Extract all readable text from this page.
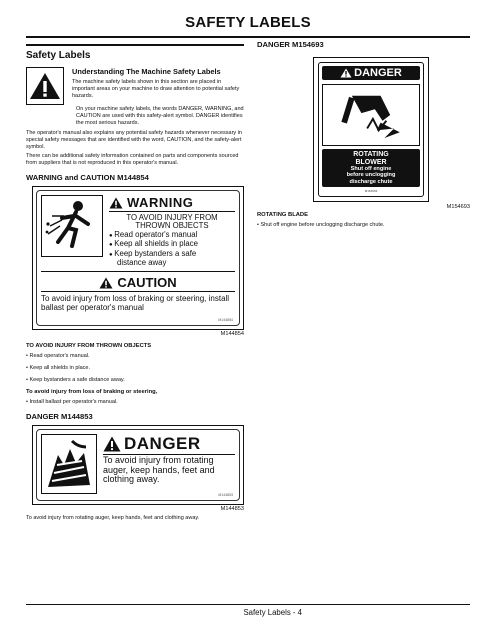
SAFETY LABELS
Safety Labels
Understanding The Machine Safety Labels

The machine safety labels shown in this section are placed in important areas on your machine to draw attention to potential safety hazards.

On your machine safety labels, the words DANGER, WARNING, and CAUTION are used with this safety-alert symbol. DANGER identifies the most serious hazards.

The operator's manual also explains any potential safety hazards whenever necessary in special safety messages that are identified with the word, CAUTION, and the safety-alert symbol.

There can be additional safety information contained on parts and components sourced from suppliers that is not reproduced in this operator's manual.

WARNING and CAUTION M144854
WARNING
TO AVOID INJURY FROM
THROWN OBJECTS
● Read operator's manual
● Keep all shields in place
● Keep bystanders a safe
distance away
CAUTION
To avoid injury from loss of braking or steering, install ballast per operator's manual
M144854
M144854
TO AVOID INJURY FROM THROWN OBJECTS
• Read operator's manual.
• Keep all shields in place.
• Keep bystanders a safe distance away.
To avoid injury from loss of braking or steering,
• Install ballast per operator's manual.
DANGER M144853
DANGER
To avoid injury from rotating auger, keep hands, feet and clothing away.
M144853
M144853

To avoid injury from rotating auger, keep hands, feet and clothing away.

DANGER M154693
DANGER
ROTATING
BLOWER
Shut off engine
before unclogging
discharge chute
M154693
M154693
ROTATING BLADE
• Shut off engine before unclogging discharge chute.
Safety Labels - 4
